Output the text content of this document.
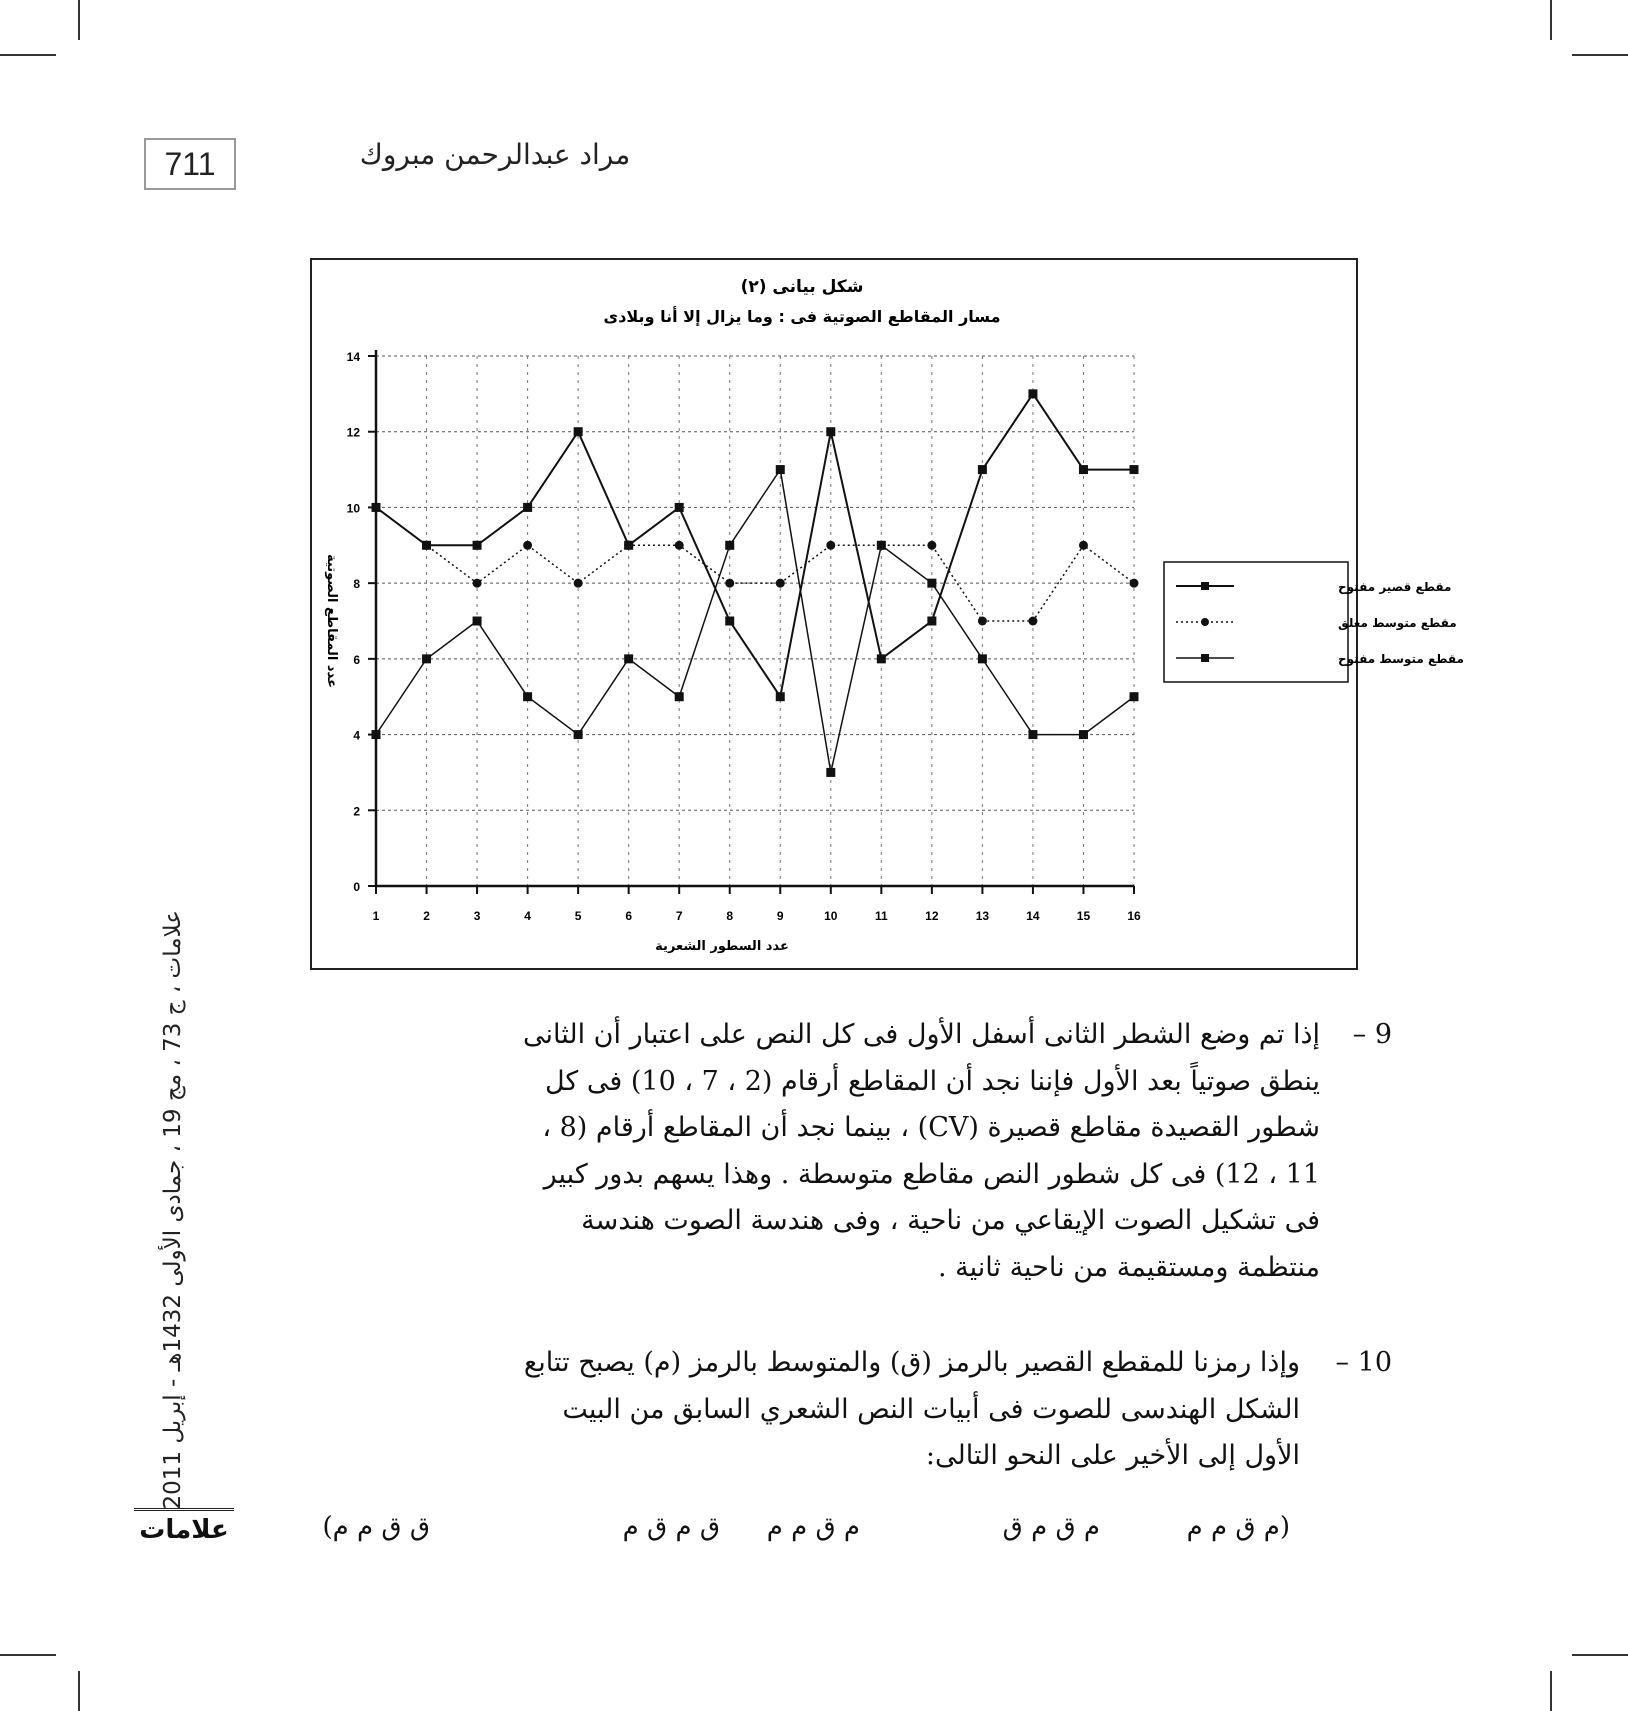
711	مراد عبدالرحمن مبروك
شكل بيانى (٢)
مسار المقاطع الصوتية فى : وما يزال إلا أنا وبلادى
0
2
4
6
8
10
12
14
1	2	3	4	5	6	7	8	9	10	11	12	13	14	15	16
عدد السطور الشعرية
عدد المقاطع الصوتية	مقطع قصير مفتوح
مقطع متوسط مغلق
مقطع متوسط مفتوح
علامات ، ج 73 ، مج 19 ، جمادى الأولى 1432هـ - إبريل 2011
علامات
9 –
إذا تم وضع الشطر الثانى أسفل الأول فى كل النص على اعتبار أن الثانى
ينطق صوتياً بعد الأول فإننا نجد أن المقاطع أرقام (2 ، 7 ، 10) فى كل
شطور القصيدة مقاطع قصيرة (CV) ، بينما نجد أن المقاطع أرقام (8 ،
11 ، 12) فى كل شطور النص مقاطع متوسطة . وهذا يسهم بدور كبير
فى تشكيل الصوت الإيقاعي من ناحية ، وفى هندسة الصوت هندسة
منتظمة ومستقيمة من ناحية ثانية .
10 –
وإذا رمزنا للمقطع القصير بالرمز (ق) والمتوسط بالرمز (م) يصبح تتابع
الشكل الهندسى للصوت فى أبيات النص الشعري السابق من البيت
الأول إلى الأخير على النحو التالى:
(م ق م م
م ق م ق
م ق م م
ق م ق م
ق ق م م)
